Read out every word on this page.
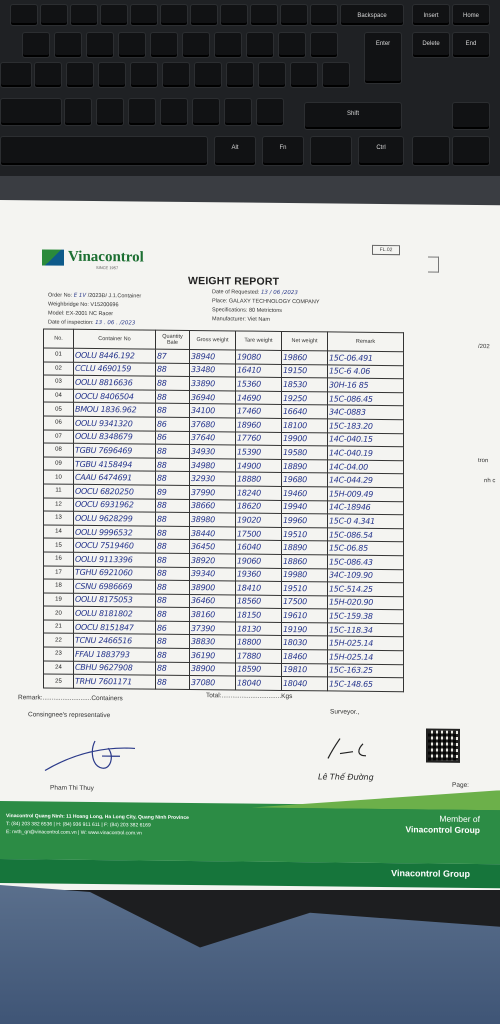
Backspace	Insert	Home
Enter	Delete	End
Shift
Alt	Fn	Ctrl
Vinacontrol
SINCE 1957
FL.02
WEIGHT REPORT
Order No: E 1V /2023Đ/ J.1.Container
Date of Requested: 13 / 06 /2023
Weighbridge No: V15200696	Place: GALAXY TECHNOLOGY COMPANY
Model: EX-2001 NC Racer	Specifications: 80 Metrictons
Date of inspection: 13 . 06 . /2023
Manufacturer: Viet Nam
No.	Container No	Quantity Bale	Gross weight	Tare weight	Net weight	Remark
01	OOLU 8446.192	87	38940	19080	19860	15C-06.491
02	CCLU 4690159	88	33480	16410	19150	15C-6 4.06
03	OOLU 8816636	88	33890	15360	18530	30H-16 85
04	OOCU 8406504	88	36940	14690	19250	15C-086.45
05	BMOU 1836.962	88	34100	17460	16640	34C-0883
06	OOLU 9341320	86	37680	18960	18100	15C-183.20
07	OOLU 8348679	86	37640	17760	19900	14C-040.15
08	TGBU 7696469	88	34930	15390	19580	14C-040.19
09	TGBU 4158494	88	34980	14900	18890	14C-04.00
10	CAAU 6474691	88	32930	18880	19680	14C-044.29
11	OOCU 6820250	89	37990	18240	19460	15H-009.49
12	OOCU 6931962	88	38660	18620	19940	14C-18946
13	OOLU 9628299	88	38980	19020	19960	15C-0 4.341
14	OOLU 9996532	88	38440	17500	19510	15C-086.54
15	OOCU 7519460	88	36450	16040	18890	15C-06.85
16	OOLU 9113396	88	38920	19060	18860	15C-086.43
17	TGHU 6921060	88	39340	19360	19980	34C-109.90
18	CSNU 6986669	88	38900	18410	19510	15C-514.25
19	OOLU 8175053	88	36460	18560	17500	15H-020.90
20	OOLU 8181802	88	38160	18150	19610	15C-159.38
21	OOCU 8151847	86	37390	18130	19190	15C-118.34
22	TCNU 2466516	88	38830	18800	18030	15H-025.14
23	FFAU 1883793	88	36190	17880	18460	15H-025.14
24	CBHU 9627908	88	38900	18590	19810	15C-163.25
25	TRHU 7601171	88	37080	18040	18040	15C-148.65
/202
tron
nh c
Remark:...........................Containers	Total:.................................Kgs
Consingnee's representative	Surveyor.,
Pham Thi Thuy
Lê Thế Đường
Page:
Vinacontrol Quang Ninh: 11 Hoang Long, Ha Long City, Quang Ninh Province
T: (84) 203 382 6536 | H: (84) 936 911 611 | F: (84) 203 382 6169
E: nvth_qn@vinacontrol.com.vn | W: www.vinacontrol.com.vn
Member of
Vinacontrol Group
Vinacontrol Group
